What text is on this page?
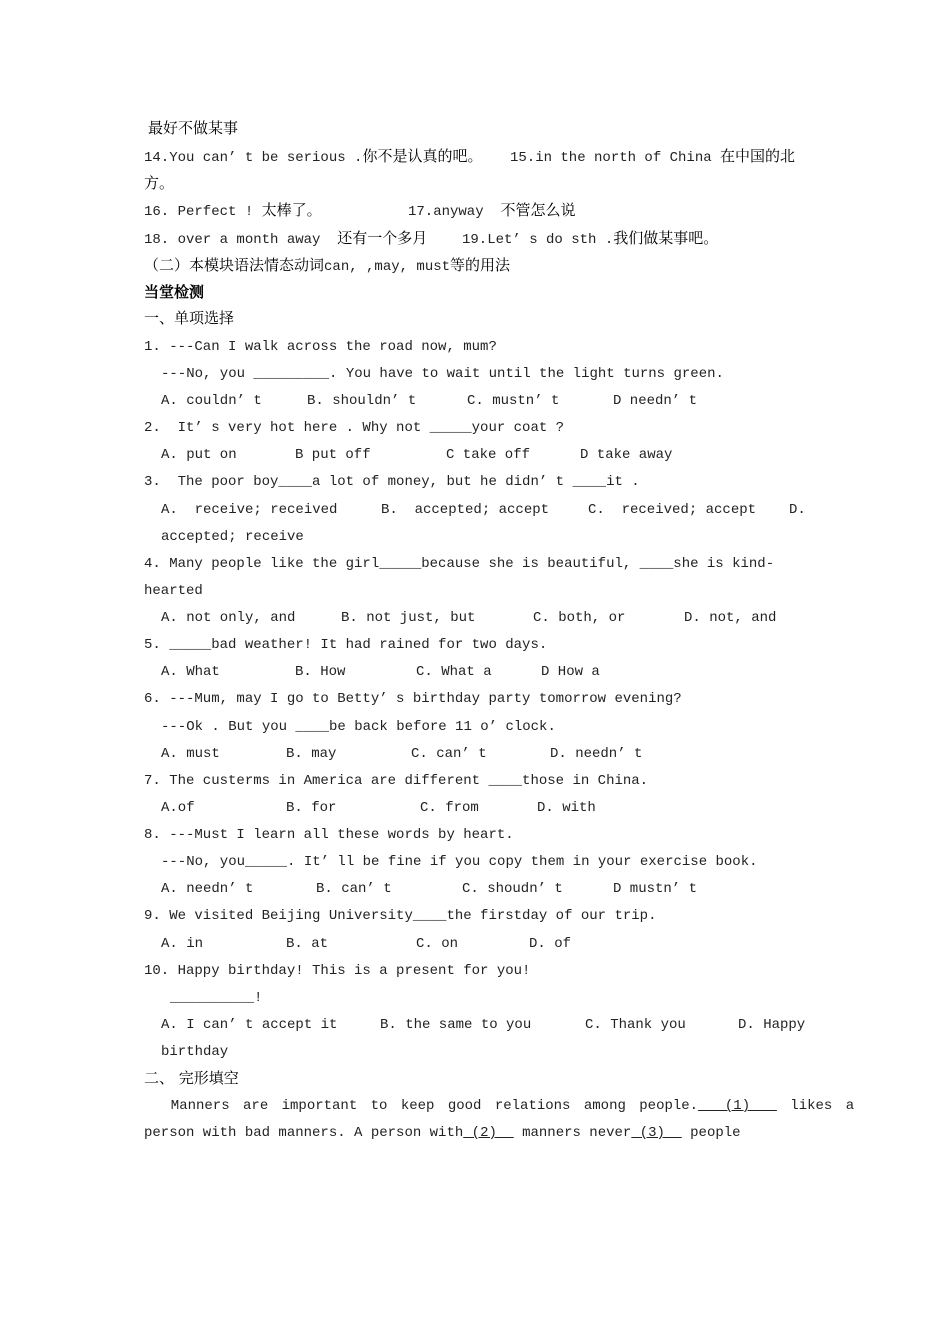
最好不做某事
14.You can’ t be serious .你不是认真的吧。 15.in the north of China 在中国的北
方。
16. Perfect ! 太棒了。	17.anyway 不管怎么说
18. over a month away 还有一个多月 19.Let’ s do sth .我们做某事吧。
（二）本模块语法情态动词can, ,may, must等的用法
当堂检测
一、单项选择
1. ---Can I walk across the road now, mum?
---No, you _________. You have to wait until the light turns green.
A. couldn’ t	B. shouldn’ t	C. mustn’ t	D needn’ t
2.  It’ s very hot here . Why not _____your coat ?
A. put on	B put off	C take off	D take away
3.  The poor boy____a lot of money, but he didn’ t ____it .
A.  receive; received	B.  accepted; accept	C.  received; accept D.
accepted; receive
4. Many people like the girl_____because she is beautiful, ____she is kind-
hearted
A. not only, and	B. not just, but	C. both, or	D. not, and
5. _____bad weather! It had rained for two days.
A. What	B. How	C. What a	D How a
6. ---Mum, may I go to Betty’ s birthday party tomorrow evening?
---Ok . But you ____be back before 11 o’ clock.
A. must	B. may	C. can’ t	D. needn’ t
7. The custerms in America are different ____those in China.
A.of	B. for	C. from	D. with
8. ---Must I learn all these words by heart.
---No, you_____. It’ ll be fine if you copy them in your exercise book.
A. needn’ t	B. can’ t	C. shoudn’ t	D mustn’ t
9. We visited Beijing University____the firstday of our trip.
A. in	B. at	C. on	D. of
10. Happy birthday! This is a present for you!
__________!
A. I can’ t accept it	B. the same to you	C. Thank you	D. Happy
birthday
二、 完形填空
Manners are important to keep good relations among people.  (1)   likes a
person with bad manners. A person with (2)   manners never (3)   people
